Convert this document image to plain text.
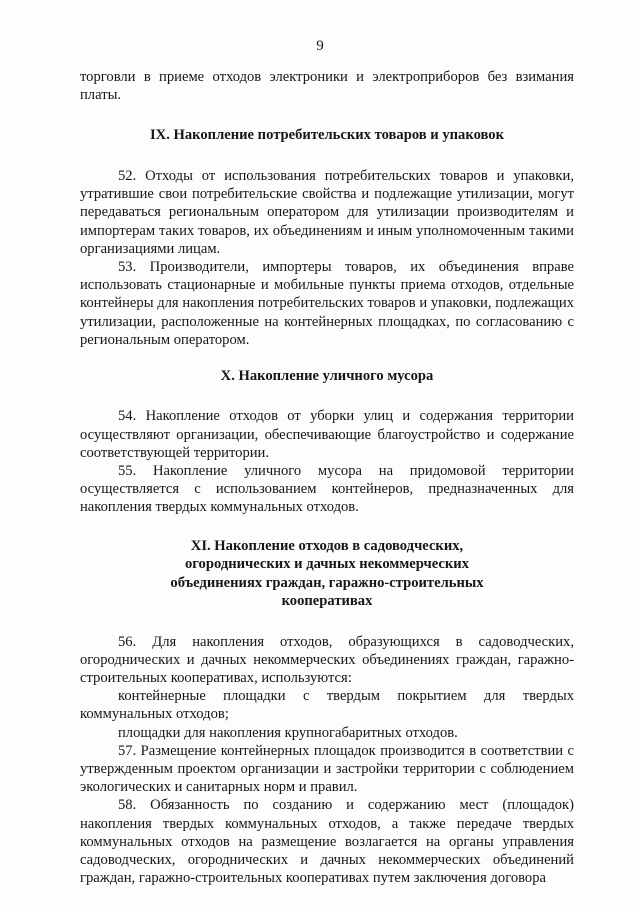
9

торговли в приеме отходов электроники и электроприборов без взимания платы.

IX. Накопление потребительских товаров и упаковок

52. Отходы от использования потребительских товаров и упаковки, утратившие свои потребительские свойства и подлежащие утилизации, могут передаваться региональным оператором для утилизации производителям и импортерам таких товаров, их объединениям и иным уполномоченным такими организациями лицам.

53. Производители, импортеры товаров, их объединения вправе использовать стационарные и мобильные пункты приема отходов, отдельные контейнеры для накопления потребительских товаров и упаковки, подлежащих утилизации, расположенные на контейнерных площадках, по согласованию с региональным оператором.

X. Накопление уличного мусора

54. Накопление отходов от уборки улиц и содержания территории осуществляют организации, обеспечивающие благоустройство и содержание соответствующей территории.

55. Накопление уличного мусора на придомовой территории осуществляется с использованием контейнеров, предназначенных для накопления твердых коммунальных отходов.

XI. Накопление отходов в садоводческих, огороднических и дачных некоммерческих объединениях граждан, гаражно-строительных кооперативах

56. Для накопления отходов, образующихся в садоводческих, огороднических и дачных некоммерческих объединениях граждан, гаражно-строительных кооперативах, используются:

контейнерные площадки с твердым покрытием для твердых коммунальных отходов;

площадки для накопления крупногабаритных отходов.

57. Размещение контейнерных площадок производится в соответствии с утвержденным проектом организации и застройки территории с соблюдением экологических и санитарных норм и правил.

58. Обязанность по созданию и содержанию мест (площадок) накопления твердых коммунальных отходов, а также передаче твердых коммунальных отходов на размещение возлагается на органы управления садоводческих, огороднических и дачных некоммерческих объединений граждан, гаражно-строительных кооперативах путем заключения договора
